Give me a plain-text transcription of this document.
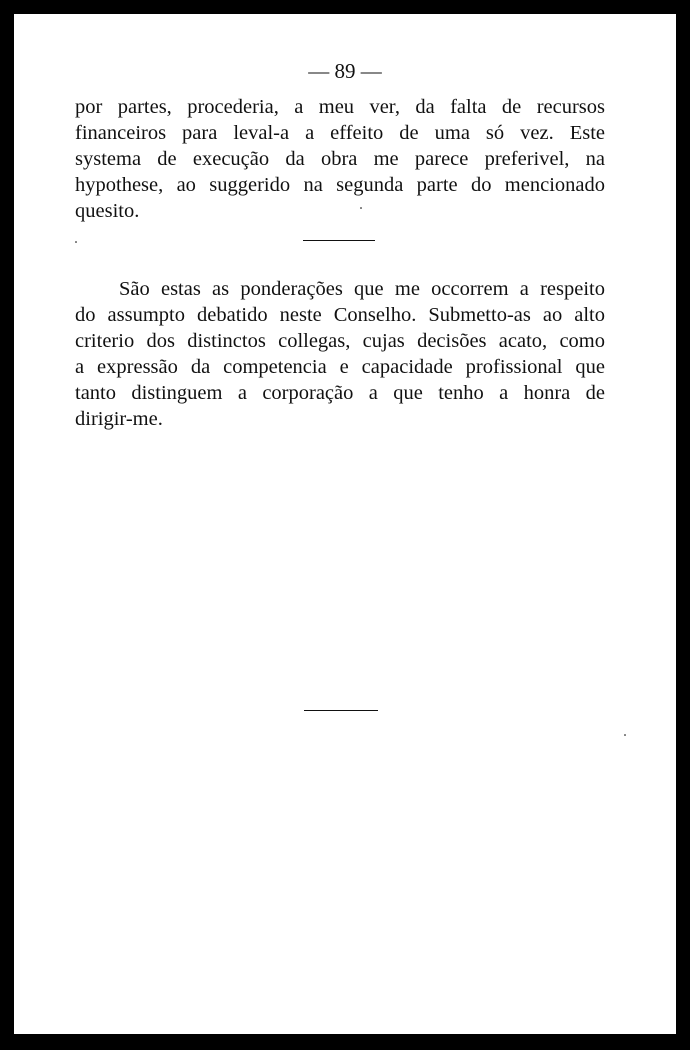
— 89 —
por partes, procederia, a meu ver, da falta de recursos
financeiros para leval-a a effeito de uma só vez. Este
systema de execução da obra me parece preferivel, na
hypothese, ao suggerido na segunda parte do mencionado
quesito.
São estas as ponderações que me occorrem a respeito
do assumpto debatido neste Conselho. Submetto-as ao alto
criterio dos distinctos collegas, cujas decisões acato, como
a expressão da competencia e capacidade profissional que
tanto distinguem a corporação a que tenho a honra de
dirigir-me.
